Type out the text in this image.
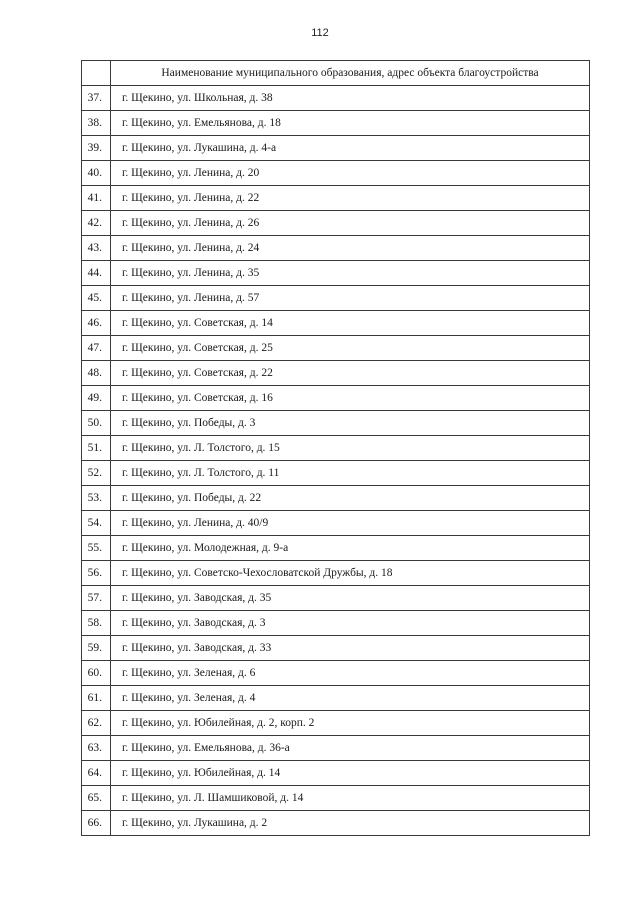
112
	Наименование муниципального образования, адрес объекта благоустройства
37.	г. Щекино, ул. Школьная, д. 38
38.	г. Щекино, ул. Емельянова, д. 18
39.	г. Щекино, ул. Лукашина, д. 4-а
40.	г. Щекино, ул. Ленина, д. 20
41.	г. Щекино, ул. Ленина, д. 22
42.	г. Щекино, ул. Ленина, д. 26
43.	г. Щекино, ул. Ленина, д. 24
44.	г. Щекино, ул. Ленина, д. 35
45.	г. Щекино, ул. Ленина, д. 57
46.	г. Щекино, ул. Советская, д. 14
47.	г. Щекино, ул. Советская, д. 25
48.	г. Щекино, ул. Советская, д. 22
49.	г. Щекино, ул. Советская, д. 16
50.	г. Щекино, ул. Победы, д. 3
51.	г. Щекино, ул. Л. Толстого, д. 15
52.	г. Щекино, ул. Л. Толстого, д. 11
53.	г. Щекино, ул. Победы, д. 22
54.	г. Щекино, ул. Ленина, д. 40/9
55.	г. Щекино, ул. Молодежная, д. 9-а
56.	г. Щекино, ул. Советско-Чехословатской Дружбы, д. 18
57.	г. Щекино, ул. Заводская, д. 35
58.	г. Щекино, ул. Заводская, д. 3
59.	г. Щекино, ул. Заводская, д. 33
60.	г. Щекино, ул. Зеленая, д. 6
61.	г. Щекино, ул. Зеленая, д. 4
62.	г. Щекино, ул. Юбилейная, д. 2, корп. 2
63.	г. Щекино, ул. Емельянова, д. 36-а
64.	г. Щекино, ул. Юбилейная, д. 14
65.	г. Щекино, ул. Л. Шамшиковой, д. 14
66.	г. Щекино, ул. Лукашина, д. 2
